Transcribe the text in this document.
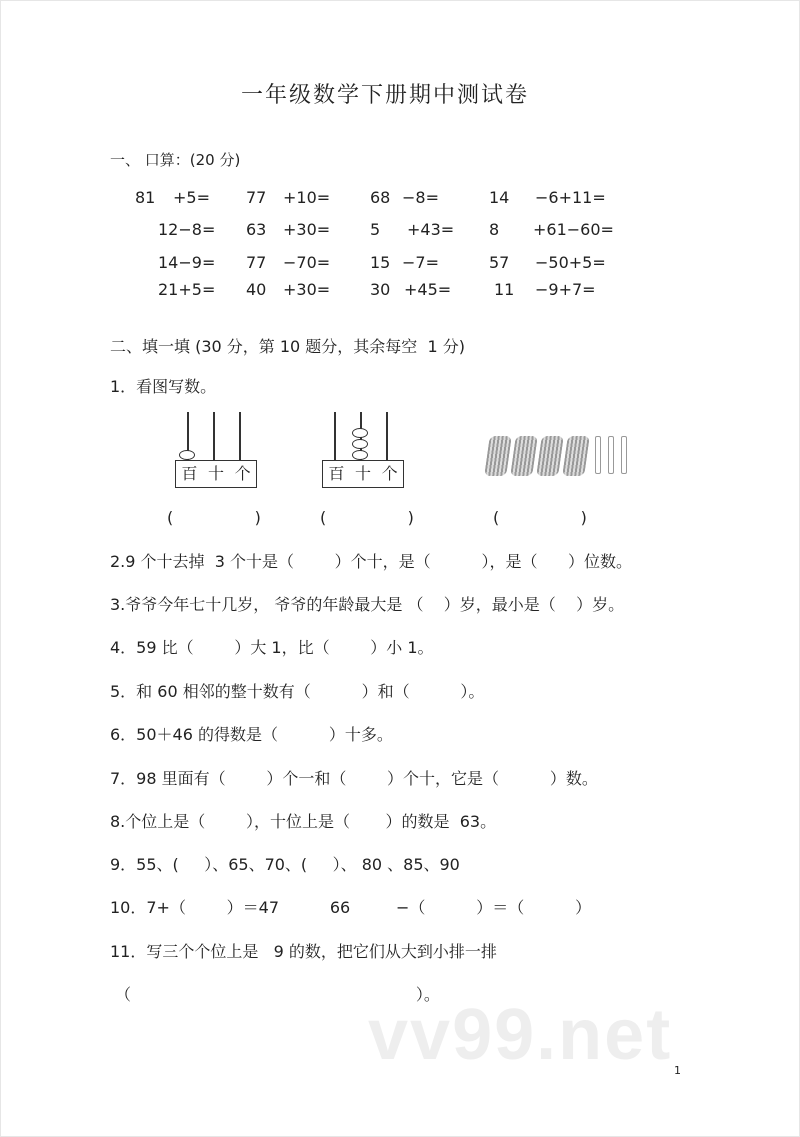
一年级数学下册期中测试卷
一、 口算：(20 分)
81 +5= 77 +10= 68 −8=	14 −6+11=
12−8= 63 +30= 5 +43= 8 +61−60=
14−9= 77 −70= 15 −7=	57 −50+5=
21+5= 40 +30= 30 +45=	11 −9+7=
二、填一填 (30 分，第 10 题分，其余每空  1 分)
1．看图写数。
百 十 个	百 十 个
(                )	(                )	(                )
2.9 个十去掉  3 个十是（        ）个十，是（          ），是（      ）位数。
3.爷爷今年七十几岁， 爷爷的年龄最大是 （    ）岁，最小是（    ）岁。
4．59 比（        ）大 1，比（        ）小 1。
5．和 60 相邻的整十数有（          ）和（          ）。
6．50＋46 的得数是（          ）十多。
7．98 里面有（        ）个一和（        ）个十，它是（          ）数。
8.个位上是（        ），十位上是（       ）的数是  63。
9．55、(     ）、65、70、(     ）、 80 、85、90
10．7+（        ）＝47          66         −（          ）＝（          ）
11．写三个个位上是   9 的数，把它们从大到小排一排
（                                                        ）。
vv99.net 1
